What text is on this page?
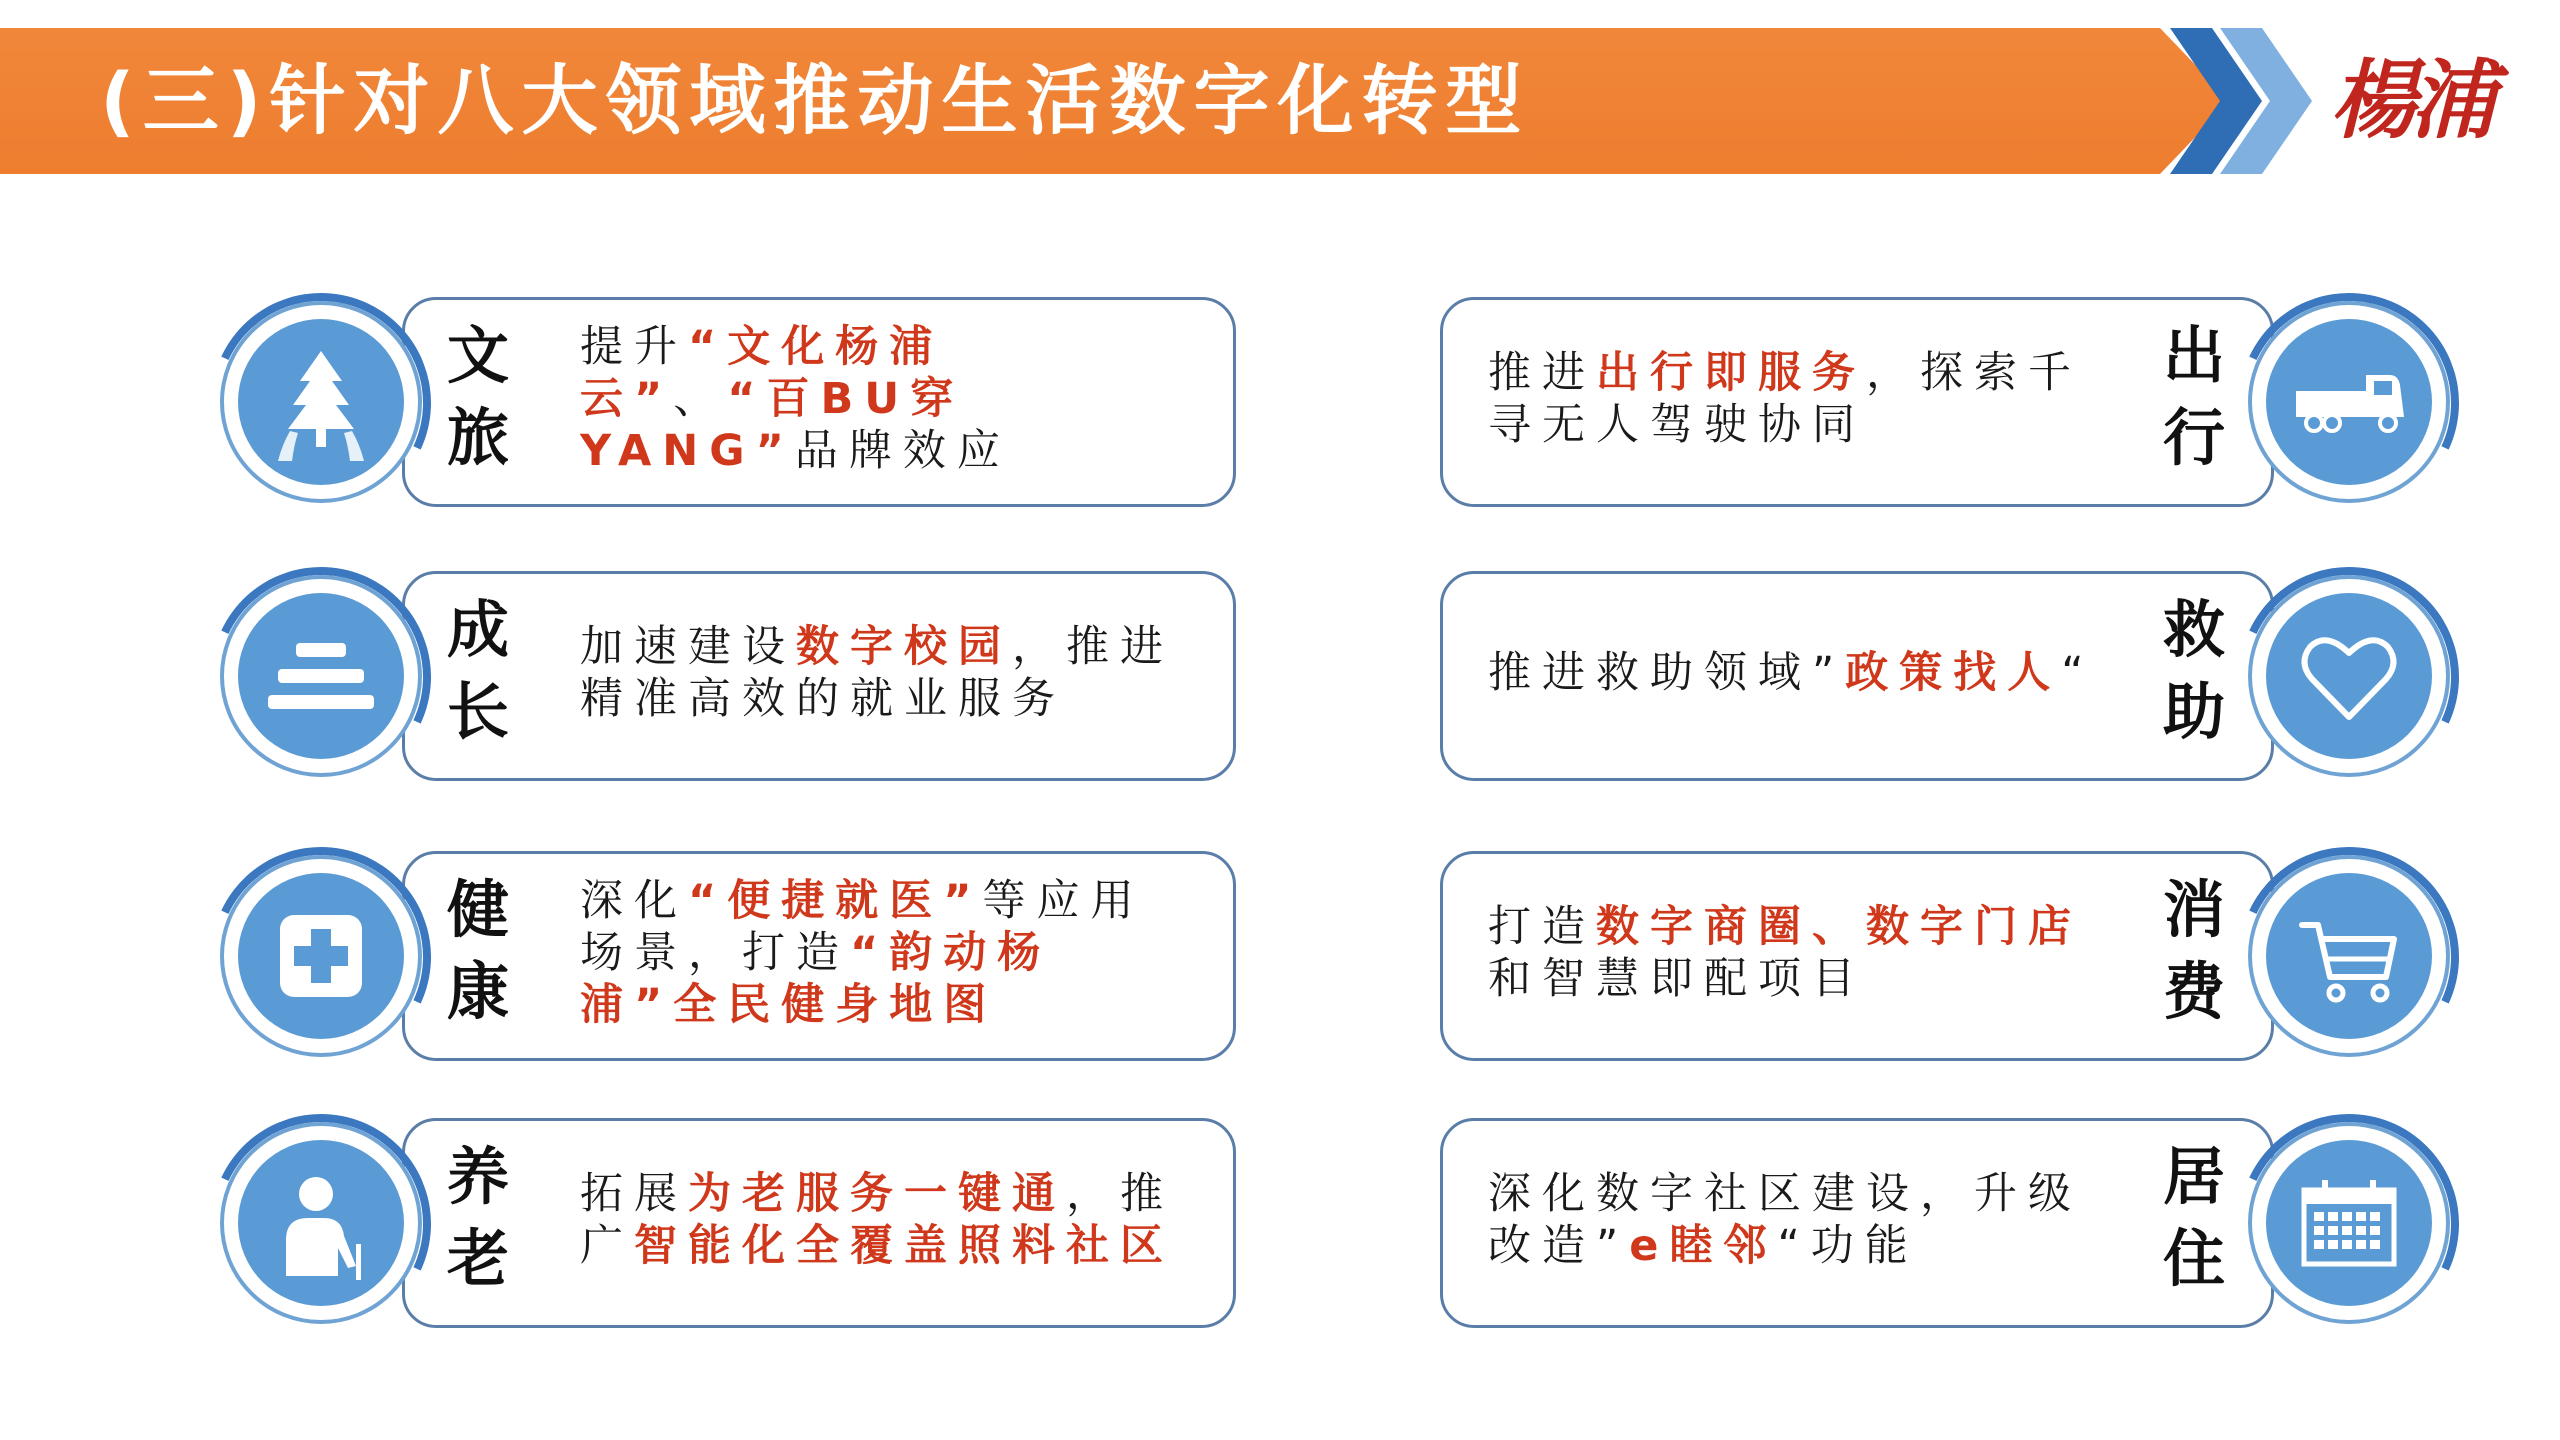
(三)针对八大领域推动生活数字化转型	楊浦
文
旅

提升“文化杨浦云”、“百BU穿YANG”品牌效应

成
长

加速建设数字校园，推进精准高效的就业服务

健
康

深化“便捷就医”等应用场景，打造“韵动杨浦”全民健身地图

养
老

拓展为老服务一键通，推广智能化全覆盖照料社区

出
行

推进出行即服务，探索千寻无人驾驶协同

救
助

推进救助领域”政策找人“

消
费

打造数字商圈、数字门店和智慧即配项目

居
住

深化数字社区建设，升级改造”e睦邻“功能
